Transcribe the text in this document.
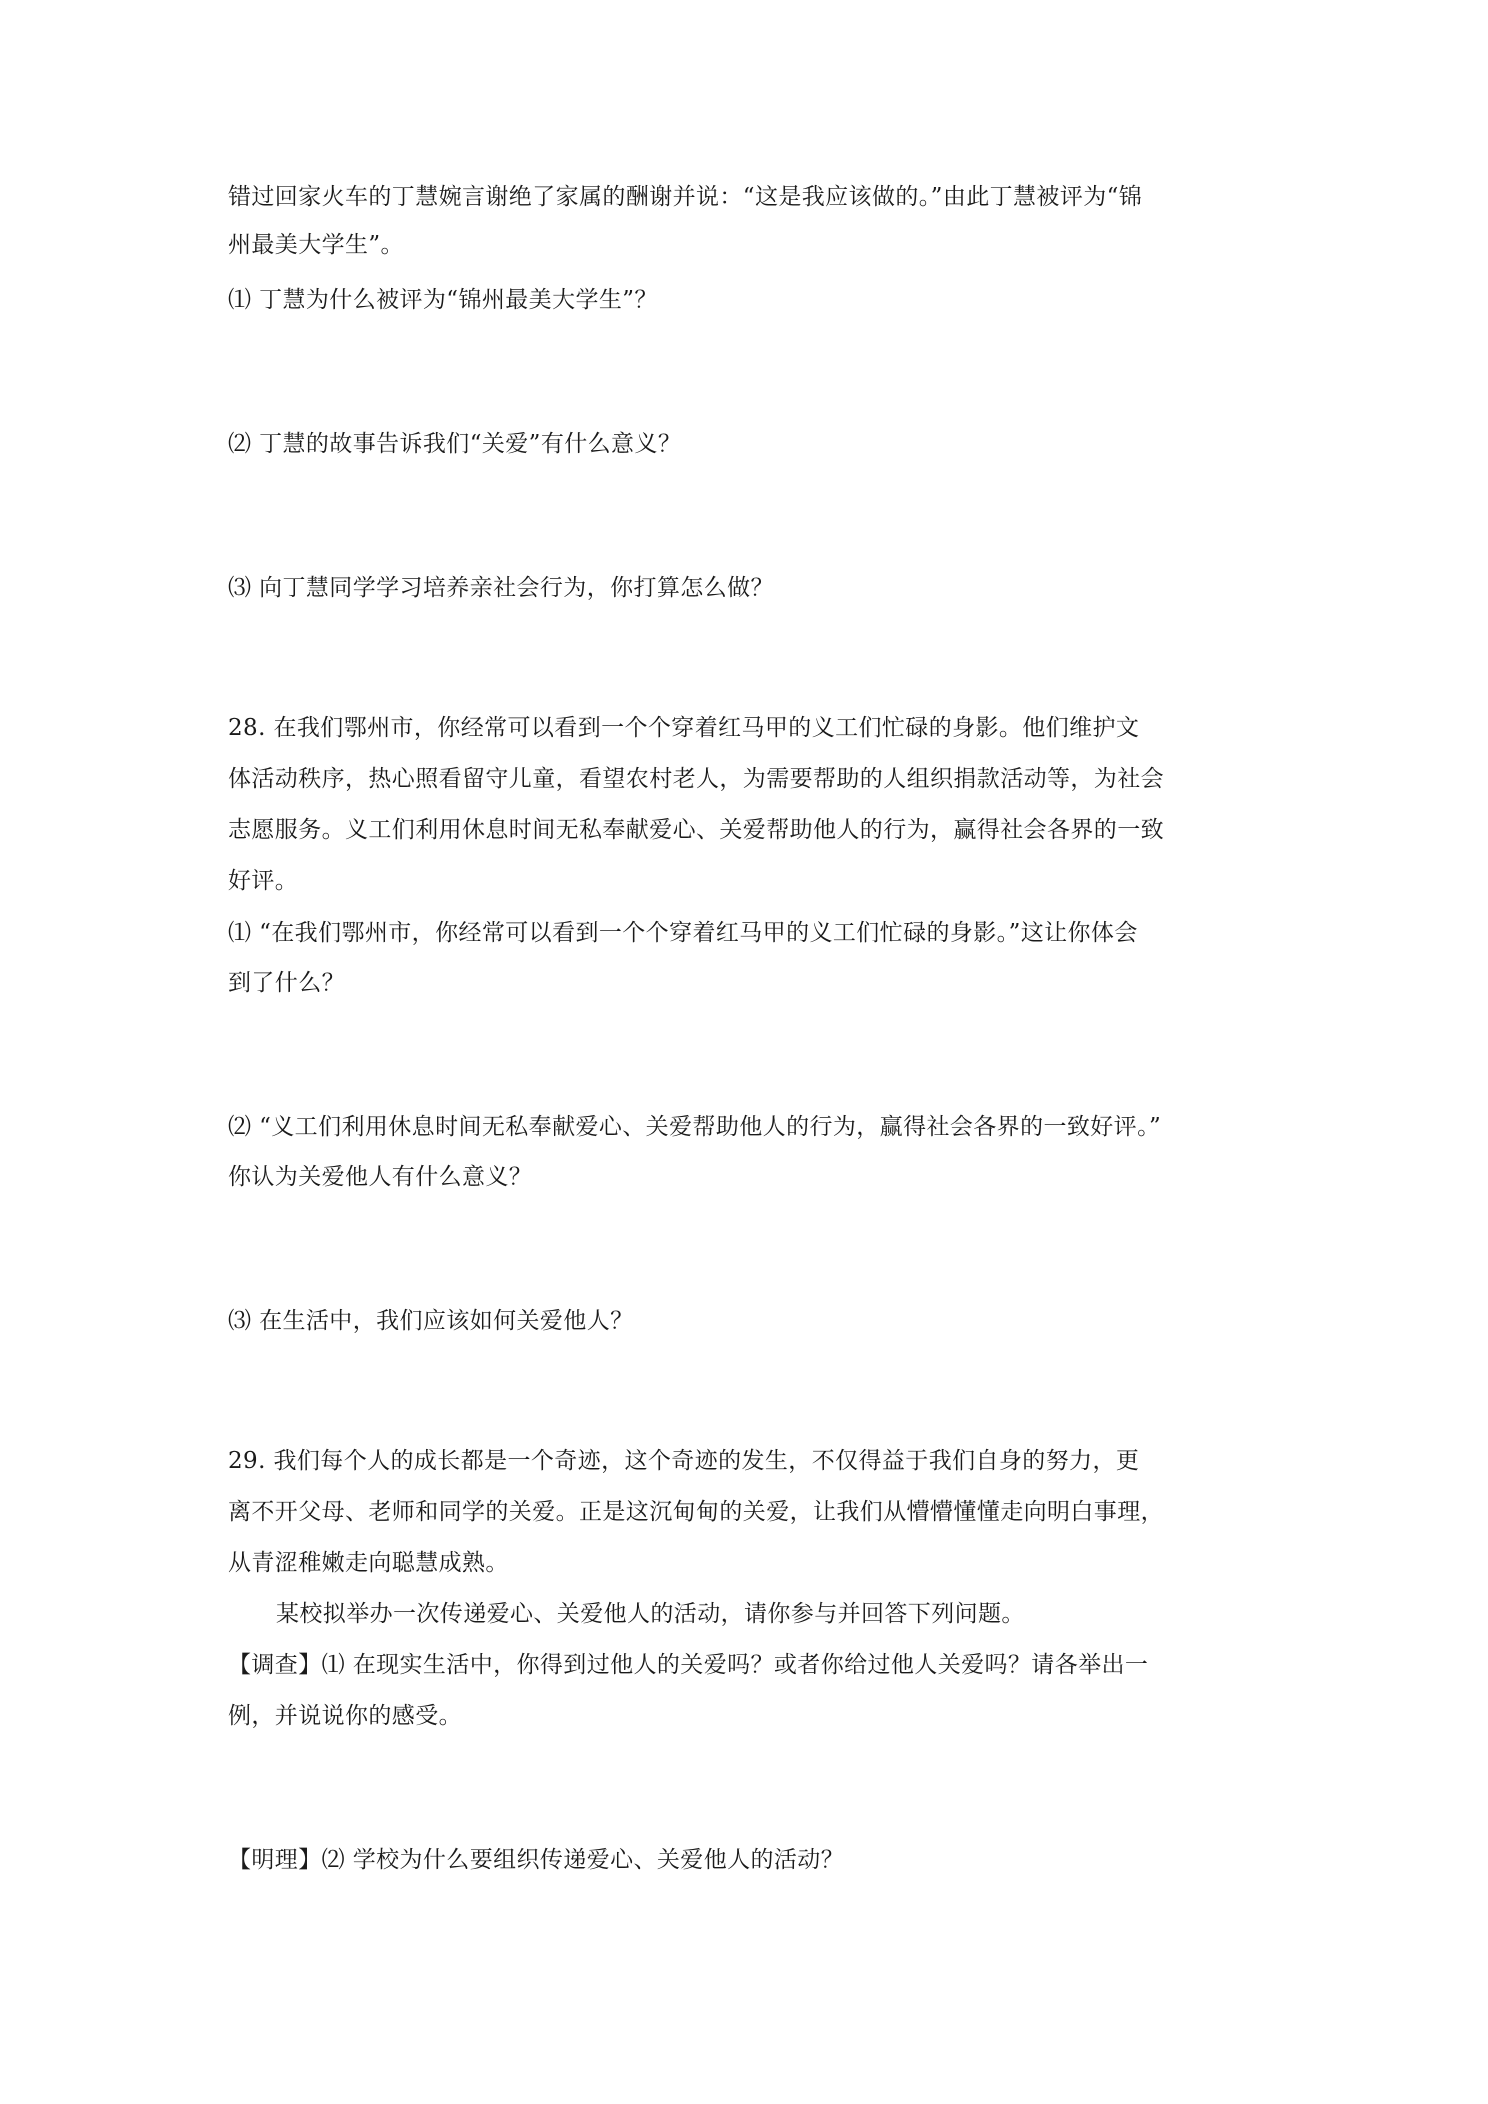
错过回家火车的丁慧婉言谢绝了家属的酬谢并说：“这是我应该做的。”由此丁慧被评为“锦
州最美大学生”。
⑴ 丁慧为什么被评为“锦州最美大学生”？
⑵ 丁慧的故事告诉我们“关爱”有什么意义？
⑶ 向丁慧同学学习培养亲社会行为，你打算怎么做？
28. 在我们鄂州市，你经常可以看到一个个穿着红马甲的义工们忙碌的身影。他们维护文
体活动秩序，热心照看留守儿童，看望农村老人，为需要帮助的人组织捐款活动等，为社会
志愿服务。义工们利用休息时间无私奉献爱心、关爱帮助他人的行为，赢得社会各界的一致
好评。
⑴ “在我们鄂州市，你经常可以看到一个个穿着红马甲的义工们忙碌的身影。”这让你体会
到了什么？
⑵ “义工们利用休息时间无私奉献爱心、关爱帮助他人的行为，赢得社会各界的一致好评。”
你认为关爱他人有什么意义？
⑶ 在生活中，我们应该如何关爱他人？
29. 我们每个人的成长都是一个奇迹，这个奇迹的发生，不仅得益于我们自身的努力，更
离不开父母、老师和同学的关爱。正是这沉甸甸的关爱，让我们从懵懵懂懂走向明白事理，
从青涩稚嫩走向聪慧成熟。
某校拟举办一次传递爱心、关爱他人的活动，请你参与并回答下列问题。
【调查】⑴ 在现实生活中，你得到过他人的关爱吗？或者你给过他人关爱吗？请各举出一
例，并说说你的感受。
【明理】⑵ 学校为什么要组织传递爱心、关爱他人的活动？
